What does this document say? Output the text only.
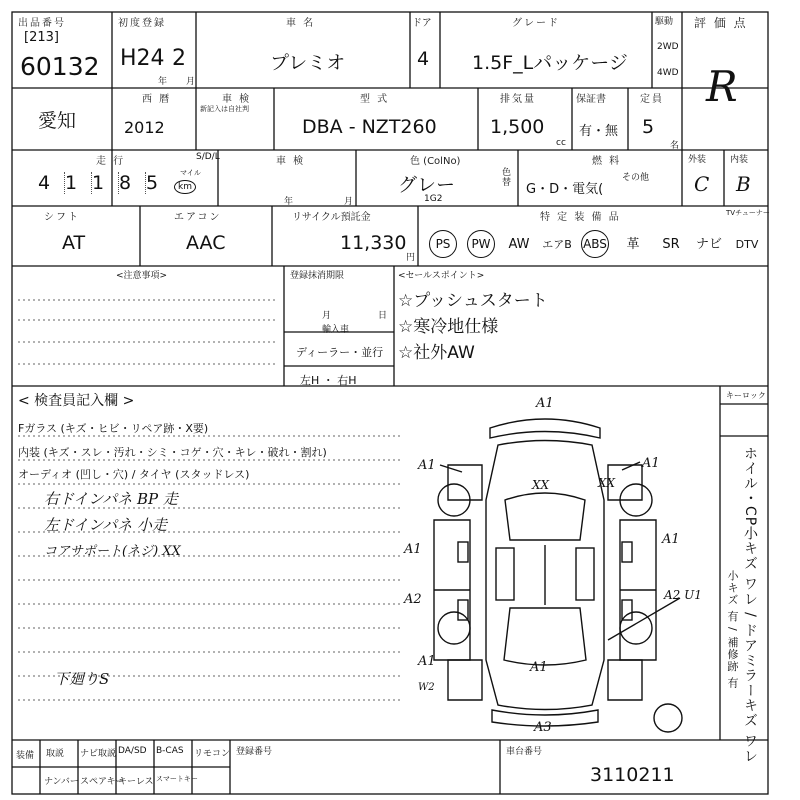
出品番号
[213]
60132
初度登録
H24 2
年 月
車 名
プレミオ
ドア
4
グレード
1.5F_Lパッケージ
駆動
2WD
4WD
評 価 点
R
愛知
西 暦
2012
車 検
新記入は自社判
型 式
DBA - NZT260
排気量
1,500
cc
保証書
有・無
定員
5
名
走 行
4 1 1 8 5	マイル
km
S/D/L	車 検
年	月
色 (ColNo)
グレー
1G2
色替
燃 料
G・D・電気(
その他
外装
C
内装
B
シフト
AT
エアコン
AAC
リサイクル預託金
11,330
円
特 定 装 備 品	TVチューナー
PS PW AW エアB ABS 革 SR ナビ DTV
<注意事項>	登録抹消期限
月	日
輸入車
ディーラー・並行
左H ・ 右H
<セールスポイント>
☆プッシュスタート
☆寒冷地仕様
☆社外AW
< 検査員記入欄 >
Fガラス (キズ・ヒビ・リペア跡・X要)
内装 (キズ・スレ・汚れ・シミ・コゲ・穴・キレ・破れ・割れ)
オーディオ (凹し・穴) / タイヤ (スタッドレス)
右ドインパネ BP 走
左ドインパネ 小走
コアサポート(ネジ) XX
下廻りS
キーロック
ホイル・CP小キズ ワレ / ドアミラーキズ ワレ
小キズ 有 / 補修跡 有
A1
A1	A1
A1
A1
A2	A2 U1
A1	A1
A3
XX	XX
W2
装備 取説 ナビ取説 DA/SD B-CAS リモコン
ナンバー スペアキー
キーレス スマートキー
登録番号	車台番号
3110211
